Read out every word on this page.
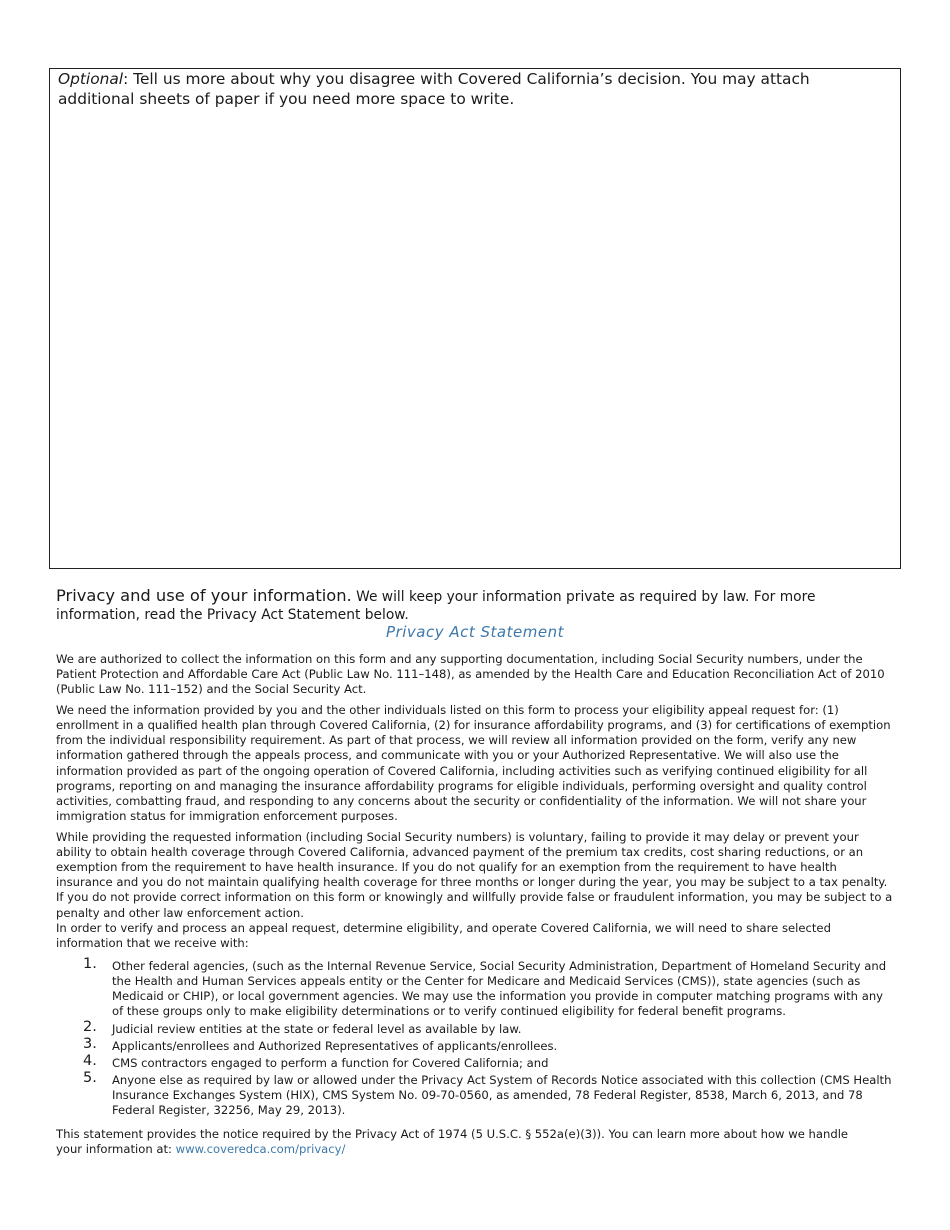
Optional: Tell us more about why you disagree with Covered California’s decision. You may attach additional sheets of paper if you need more space to write.

Privacy and use of your information. We will keep your information private as required by law. For more information, read the Privacy Act Statement below.
Privacy Act Statement

We are authorized to collect the information on this form and any supporting documentation, including Social Security numbers, under the Patient Protection and Affordable Care Act (Public Law No. 111–148), as amended by the Health Care and Education Reconciliation Act of 2010 (Public Law No. 111–152) and the Social Security Act.

We need the information provided by you and the other individuals listed on this form to process your eligibility appeal request for: (1) enrollment in a qualified health plan through Covered California, (2) for insurance affordability programs, and (3) for certifications of exemption from the individual responsibility requirement. As part of that process, we will review all information provided on the form, verify any new information gathered through the appeals process, and communicate with you or your Authorized Representative. We will also use the information provided as part of the ongoing operation of Covered California, including activities such as verifying continued eligibility for all programs, reporting on and managing the insurance affordability programs for eligible individuals, performing oversight and quality control activities, combatting fraud, and responding to any concerns about the security or confidentiality of the information. We will not share your immigration status for immigration enforcement purposes.

While providing the requested information (including Social Security numbers) is voluntary, failing to provide it may delay or prevent your ability to obtain health coverage through Covered California, advanced payment of the premium tax credits, cost sharing reductions, or an exemption from the requirement to have health insurance. If you do not qualify for an exemption from the requirement to have health insurance and you do not maintain qualifying health coverage for three months or longer during the year, you may be subject to a tax penalty. If you do not provide correct information on this form or knowingly and willfully provide false or fraudulent information, you may be subject to a penalty and other law enforcement action.

In order to verify and process an appeal request, determine eligibility, and operate Covered California, we will need to share selected information that we receive with:

1. Other federal agencies, (such as the Internal Revenue Service, Social Security Administration, Department of Homeland Security and the Health and Human Services appeals entity or the Center for Medicare and Medicaid Services (CMS)), state agencies (such as Medicaid or CHIP), or local government agencies. We may use the information you provide in computer matching programs with any of these groups only to make eligibility determinations or to verify continued eligibility for federal benefit programs.
2. Judicial review entities at the state or federal level as available by law.
3. Applicants/enrollees and Authorized Representatives of applicants/enrollees.
4. CMS contractors engaged to perform a function for Covered California; and
5. Anyone else as required by law or allowed under the Privacy Act System of Records Notice associated with this collection (CMS Health Insurance Exchanges System (HIX), CMS System No. 09-70-0560, as amended, 78 Federal Register, 8538, March 6, 2013, and 78 Federal Register, 32256, May 29, 2013).
This statement provides the notice required by the Privacy Act of 1974 (5 U.S.C. § 552a(e)(3)). You can learn more about how we handle your information at: www.coveredca.com/privacy/
